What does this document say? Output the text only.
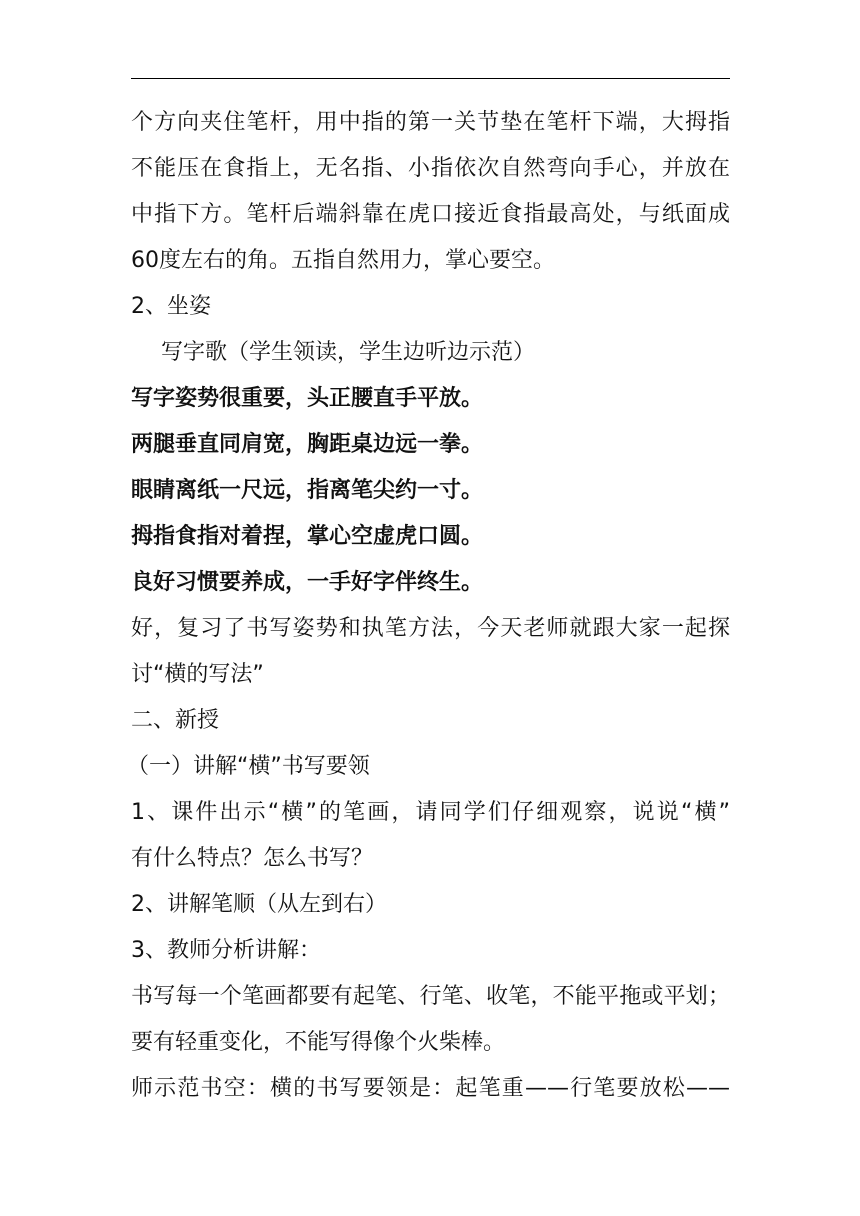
个方向夹住笔杆，用中指的第一关节垫在笔杆下端，大拇指
不能压在食指上，无名指、小指依次自然弯向手心，并放在
中指下方。笔杆后端斜靠在虎口接近食指最高处，与纸面成
60度左右的角。五指自然用力，掌心要空。
2、坐姿
写字歌（学生领读，学生边听边示范）
写字姿势很重要，头正腰直手平放。
两腿垂直同肩宽，胸距桌边远一拳。
眼睛离纸一尺远，指离笔尖约一寸。
拇指食指对着捏，掌心空虚虎口圆。
良好习惯要养成，一手好字伴终生。
好，复习了书写姿势和执笔方法，今天老师就跟大家一起探
讨“横的写法”
二、新授
（一）讲解“横”书写要领
1、课件出示“横”的笔画，请同学们仔细观察，说说“横”
有什么特点？怎么书写？
2、讲解笔顺（从左到右）
3、教师分析讲解：
书写每一个笔画都要有起笔、行笔、收笔，不能平拖或平划；
要有轻重变化，不能写得像个火柴棒。
师示范书空：横的书写要领是：起笔重——行笔要放松——
